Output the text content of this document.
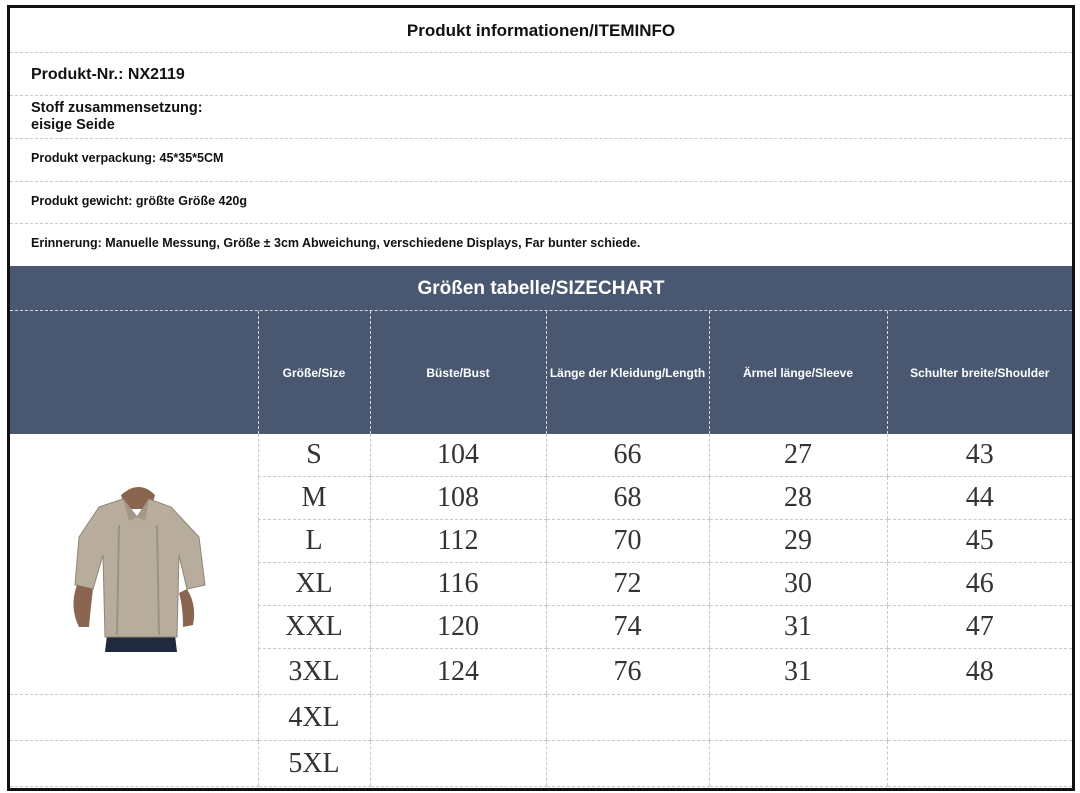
Produkt informationen/ITEMINFO
Produkt-Nr.: NX2119
Stoff zusammensetzung:
eisige Seide
Produkt verpackung: 45*35*5CM
Produkt gewicht: größte Größe 420g
Erinnerung: Manuelle Messung, Größe ± 3cm Abweichung, verschiedene Displays, Far bunter schiede.
Größen tabelle/SIZECHART
	Größe/Size	Büste/Bust	Länge der Kleidung/Length	Ärmel länge/Sleeve	Schulter breite/Shoulder

	S	104	66	27	43
	M	108	68	28	44
	L	112	70	29	45
	XL	116	72	30	46
	XXL	120	74	31	47
	3XL	124	76	31	48
	4XL				
	5XL				
